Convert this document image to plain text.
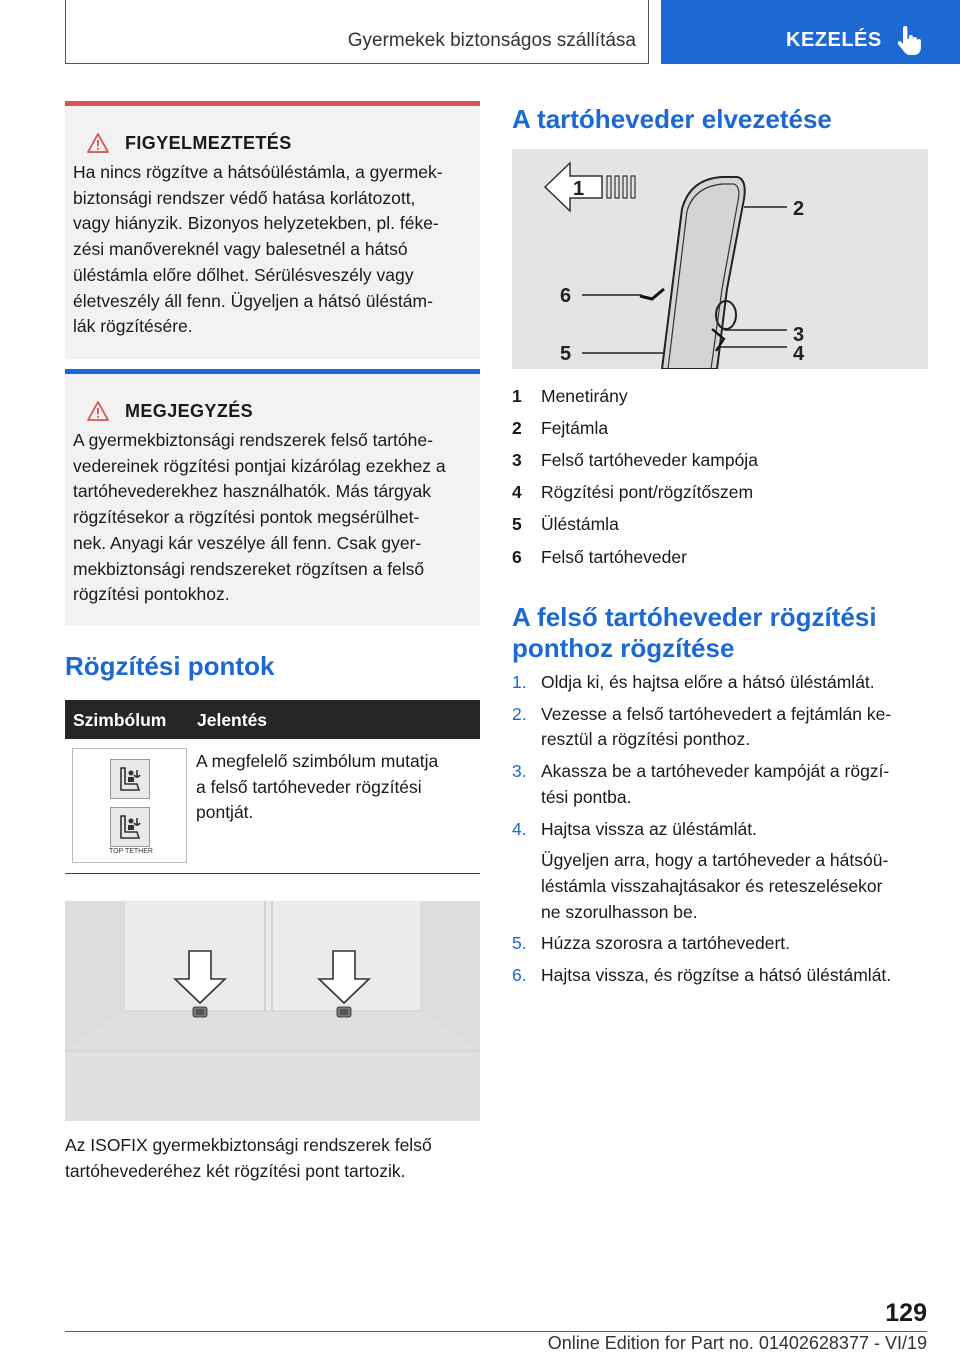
Gyermekek biztonságos szállítása	KEZELÉS
FIGYELMEZTETÉS
Ha nincs rögzítve a hátsóüléstámla, a gyermek-
biztonsági rendszer védő hatása korlátozott,
vagy hiányzik. Bizonyos helyzetekben, pl. féke-
zési manővereknél vagy balesetnél a hátsó
üléstámla előre dőlhet. Sérülésveszély vagy
életveszély áll fenn. Ügyeljen a hátsó üléstám-
lák rögzítésére.
MEGJEGYZÉS
A gyermekbiztonsági rendszerek felső tartóhe-
vedereinek rögzítési pontjai kizárólag ezekhez a
tartóhevederekhez használhatók. Más tárgyak
rögzítésekor a rögzítési pontok megsérülhet-
nek. Anyagi kár veszélye áll fenn. Csak gyer-
mekbiztonsági rendszereket rögzítsen a felső
rögzítési pontokhoz.
Rögzítési pontok
Szimbólum Jelentés
TOP TETHER
A megfelelő szimbólum mutatja
a felső tartóheveder rögzítési
pontját.
Az ISOFIX gyermekbiztonsági rendszerek felső
tartóhevederéhez két rögzítési pont tartozik.
A tartóheveder elvezetése
1
2
6
3
5	4
1	Menetirány
2	Fejtámla
3	Felső tartóheveder kampója
4	Rögzítési pont/rögzítőszem
5	Üléstámla
6	Felső tartóheveder
A felső tartóheveder rögzítési
ponthoz rögzítése
1. Oldja ki, és hajtsa előre a hátsó üléstámlát.
2. Vezesse a felső tartóhevedert a fejtámlán ke-
resztül a rögzítési ponthoz.
3. Akassza be a tartóheveder kampóját a rögzí-
tési pontba.
4. Hajtsa vissza az üléstámlát.
Ügyeljen arra, hogy a tartóheveder a hátsóü-
léstámla visszahajtásakor és reteszelésekor
ne szorulhasson be.
5. Húzza szorosra a tartóhevedert.
6. Hajtsa vissza, és rögzítse a hátsó üléstámlát.
129
Online Edition for Part no. 01402628377 - VI/19
